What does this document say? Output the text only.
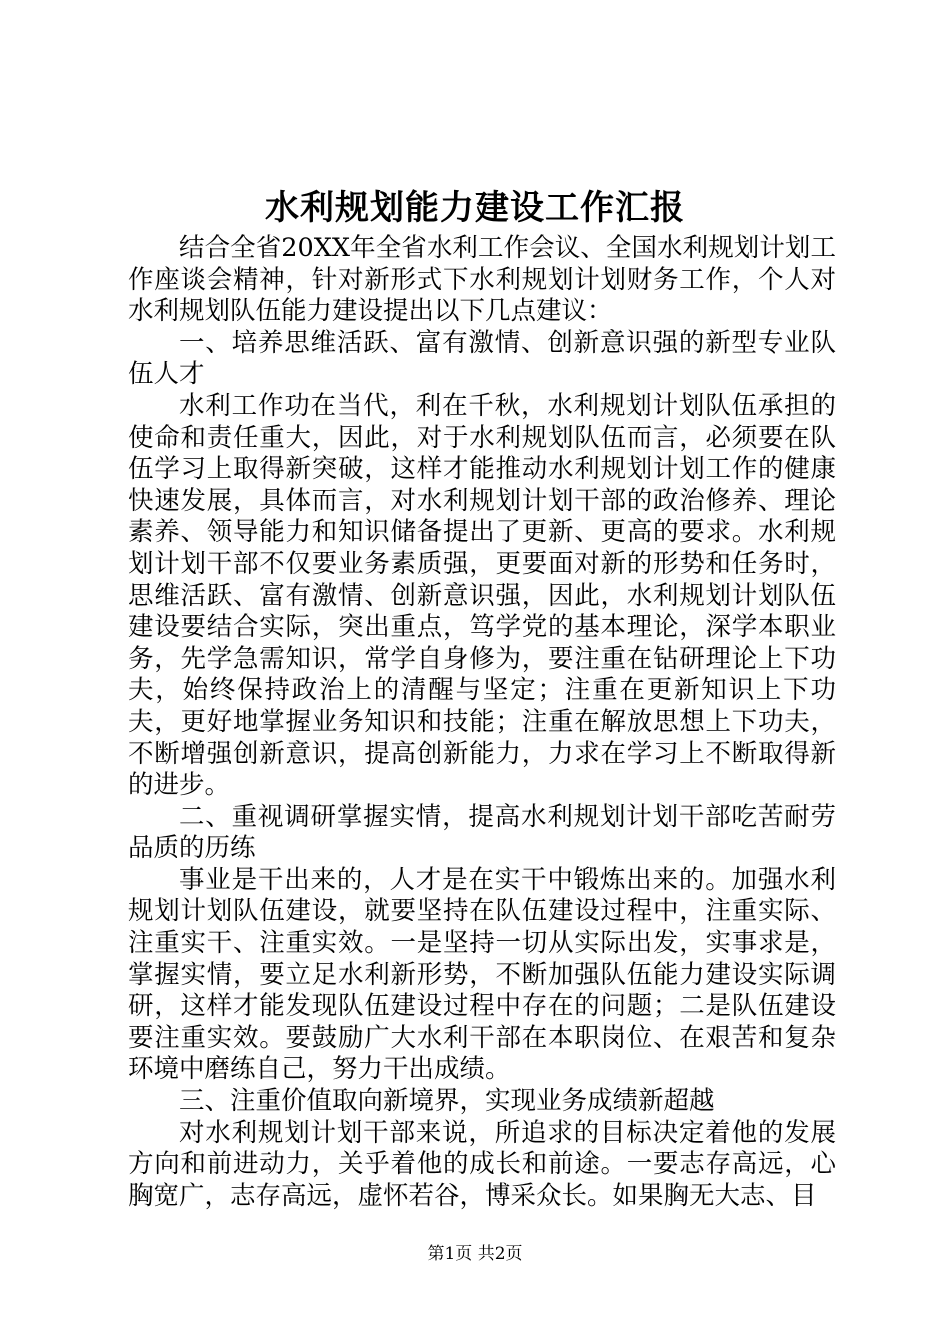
水利规划能力建设工作汇报

结合全省20XX年全省水利工作会议、全国水利规划计划工作座谈会精神，针对新形式下水利规划计划财务工作，个人对水利规划队伍能力建设提出以下几点建议：

一、培养思维活跃、富有激情、创新意识强的新型专业队伍人才

水利工作功在当代，利在千秋，水利规划计划队伍承担的使命和责任重大，因此，对于水利规划队伍而言，必须要在队伍学习上取得新突破，这样才能推动水利规划计划工作的健康快速发展，具体而言，对水利规划计划干部的政治修养、理论素养、领导能力和知识储备提出了更新、更高的要求。水利规划计划干部不仅要业务素质强，更要面对新的形势和任务时，思维活跃、富有激情、创新意识强，因此，水利规划计划队伍建设要结合实际，突出重点，笃学党的基本理论，深学本职业务，先学急需知识，常学自身修为，要注重在钻研理论上下功夫，始终保持政治上的清醒与坚定；注重在更新知识上下功夫，更好地掌握业务知识和技能；注重在解放思想上下功夫，不断增强创新意识，提高创新能力，力求在学习上不断取得新的进步。

二、重视调研掌握实情，提高水利规划计划干部吃苦耐劳品质的历练

事业是干出来的，人才是在实干中锻炼出来的。加强水利规划计划队伍建设，就要坚持在队伍建设过程中，注重实际、注重实干、注重实效。一是坚持一切从实际出发，实事求是，掌握实情，要立足水利新形势，不断加强队伍能力建设实际调研，这样才能发现队伍建设过程中存在的问题；二是队伍建设要注重实效。要鼓励广大水利干部在本职岗位、在艰苦和复杂环境中磨练自己，努力干出成绩。

三、注重价值取向新境界，实现业务成绩新超越

对水利规划计划干部来说，所追求的目标决定着他的发展方向和前进动力，关乎着他的成长和前途。一要志存高远，心胸宽广，志存高远，虚怀若谷，博采众长。如果胸无大志、目

第1页 共2页
